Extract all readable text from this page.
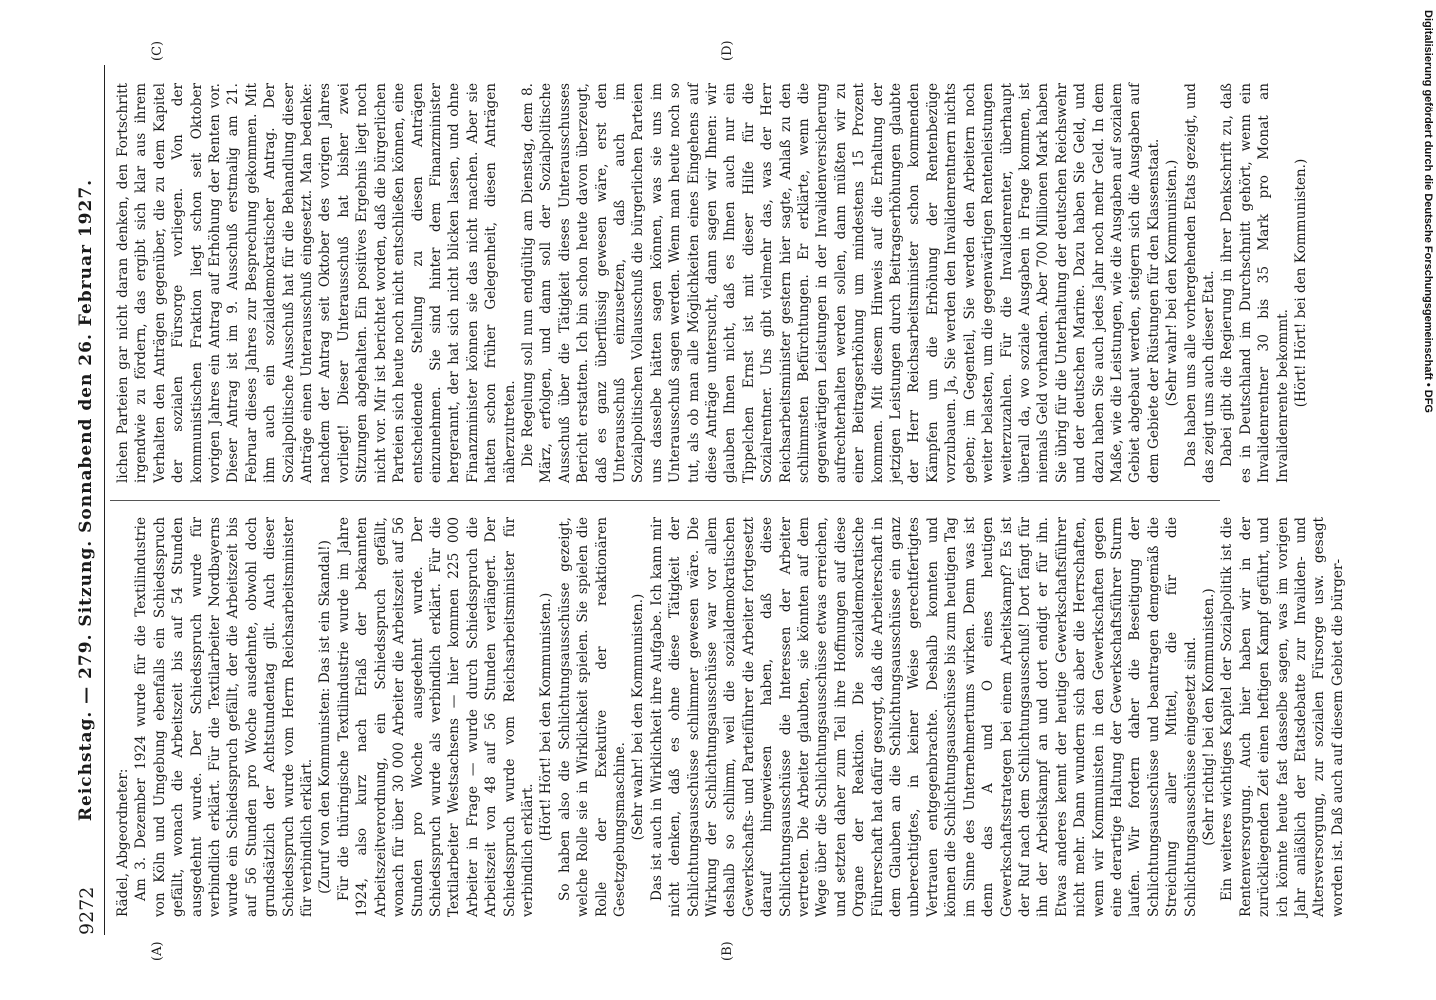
9272
Reichstag. — 279. Sitzung. Sonnabend den 26. Februar 1927.
(A)	(B)
(C)	(D)

Rädel, Abgeordneter: Am 3. Dezember 1924 wurde für die Textilindustrie von Köln und Umgebung ebenfalls ein Schiedsspruch gefällt, wonach die Arbeitszeit bis auf 54 Stunden ausgedehnt wurde. Der Schiedsspruch wurde für verbindlich erklärt. Für die Textilarbeiter Nordbayerns wurde ein Schiedsspruch gefällt, der die Arbeitszeit bis auf 56 Stunden pro Woche ausdehnte, obwohl doch grundsätzlich der Achtstundentag gilt. Auch dieser Schiedsspruch wurde vom Herrn Reichsarbeitsminister für verbindlich erklärt. (Zuruf von den Kommunisten: Das ist ein Skandal!) Für die thüringische Textilindustrie wurde im Jahre 1924, also kurz nach Erlaß der bekannten Arbeitszeitverordnung, ein Schiedsspruch gefällt, wonach für über 30 000 Arbeiter die Arbeitszeit auf 56 Stunden pro Woche ausgedehnt wurde. Der Schiedsspruch wurde als verbindlich erklärt. Für die Textilarbeiter Westsachsens — hier kommen 225 000 Arbeiter in Frage — wurde durch Schiedsspruch die Arbeitszeit von 48 auf 56 Stunden verlängert. Der Schiedsspruch wurde vom Reichsarbeitsminister für verbindlich erklärt.

(Hört! Hört! bei den Kommunisten.) So haben also die Schlichtungsausschüsse gezeigt, welche Rolle sie in Wirklichkeit spielen. Sie spielen die Rolle der Exekutive der reaktionären Gesetzgebungsmaschine. (Sehr wahr! bei den Kommunisten.) Das ist auch in Wirklichkeit ihre Aufgabe. Ich kann mir nicht denken, daß es ohne diese Tätigkeit der Schlichtungsausschüsse schlimmer gewesen wäre. Die Wirkung der Schlichtungsausschüsse war vor allem deshalb so schlimm, weil die sozialdemokratischen Gewerkschafts- und Parteiführer die Arbeiter fortgesetzt darauf hingewiesen haben, daß diese Schlichtungsausschüsse die Interessen der Arbeiter vertreten. Die Arbeiter glaubten, sie könnten auf dem Wege über die Schlichtungsausschüsse etwas erreichen, und setzten daher zum Teil ihre Hoffnungen auf diese Organe der Reaktion. Die sozialdemokratische Führerschaft hat dafür gesorgt, daß die Arbeiterschaft in dem Glauben an die Schlichtungsausschüsse ein ganz unberechtigtes, in keiner Weise gerechtfertigtes Vertrauen entgegenbrachte. Deshalb konnten und können die Schlichtungsausschüsse bis zum heutigen Tag im Sinne des Unternehmertums wirken. Denn was ist denn das A und O eines heutigen Gewerkschaftsstrategen bei einem Arbeitskampf? Es ist der Ruf nach dem Schlichtungsausschuß! Dort fängt für ihn der Arbeitskampf an und dort endigt er für ihn. Etwas anderes kennt der heutige Gewerkschaftsführer nicht mehr. Dann wundern sich aber die Herrschaften, wenn wir Kommunisten in den Gewerkschaften gegen eine derartige Haltung der Gewerkschaftsführer Sturm laufen. Wir fordern daher die Beseitigung der Schlichtungsausschüsse und beantragen demgemäß die Streichung aller Mittel, die für die Schlichtungsausschüsse eingesetzt sind. (Sehr richtig! bei den Kommunisten.) Ein weiteres wichtiges Kapitel der Sozialpolitik ist die Rentenversorgung. Auch hier haben wir in der zurückliegenden Zeit einen heftigen Kampf geführt, und ich könnte heute fast dasselbe sagen, was im vorigen Jahr anläßlich der Etatsdebatte zur Invaliden- und Altersversorgung, zur sozialen Fürsorge usw. gesagt worden ist. Daß auch auf diesem Gebiet die bürger-

lichen Parteien gar nicht daran denken, den Fortschritt irgendwie zu fördern, das ergibt sich klar aus ihrem Verhalten den Anträgen gegenüber, die zu dem Kapitel der sozialen Fürsorge vorliegen. Von der kommunistischen Fraktion liegt schon seit Oktober vorigen Jahres ein Antrag auf Erhöhung der Renten vor. Dieser Antrag ist im 9. Ausschuß erstmalig am 21. Februar dieses Jahres zur Besprechung gekommen. Mit ihm auch ein sozialdemokratischer Antrag. Der Sozialpolitische Ausschuß hat für die Behandlung dieser Anträge einen Unterausschuß eingesetzt. Man bedenke: nachdem der Antrag seit Oktober des vorigen Jahres vorliegt! Dieser Unterausschuß hat bisher zwei Sitzungen abgehalten. Ein positives Ergebnis liegt noch nicht vor. Mir ist berichtet worden, daß die bürgerlichen Parteien sich heute noch nicht entschließen können, eine entscheidende Stellung zu diesen Anträgen einzunehmen. Sie sind hinter dem Finanzminister hergerannt, der hat sich nicht blicken lassen, und ohne Finanzminister können sie das nicht machen. Aber sie hatten schon früher Gelegenheit, diesen Anträgen näherzutreten. Die Regelung soll nun endgültig am Dienstag, dem 8. März, erfolgen, und dann soll der Sozialpolitische Ausschuß über die Tätigkeit dieses Unterausschusses Bericht erstatten. Ich bin schon heute davon überzeugt, daß es ganz überflüssig gewesen wäre, erst den Unterausschuß einzusetzen, daß auch im Sozialpolitischen Vollausschuß die bürgerlichen Parteien uns dasselbe hätten sagen können, was sie uns im Unterausschuß sagen werden. Wenn man heute noch so tut, als ob man alle Möglichkeiten eines Eingehens auf diese Anträge untersucht, dann sagen wir Ihnen: wir glauben Ihnen nicht, daß es Ihnen auch nur ein Tippelchen Ernst ist mit dieser Hilfe für die Sozialrentner. Uns gibt vielmehr das, was der Herr Reichsarbeitsminister gestern hier sagte, Anlaß zu den schlimmsten Befürchtungen. Er erklärte, wenn die gegenwärtigen Leistungen in der Invalidenversicherung aufrechterhalten werden sollen, dann müßten wir zu einer Beitragserhöhung um mindestens 15 Prozent kommen. Mit diesem Hinweis auf die Erhaltung der jetzigen Leistungen durch Beitragserhöhungen glaubte der Herr Reichsarbeitsminister schon kommenden Kämpfen um die Erhöhung der Rentenbezüge vorzubauen. Ja, Sie werden den Invalidenrentnern nichts geben; im Gegenteil, Sie werden den Arbeitern noch weiter belasten, um die gegenwärtigen Rentenleistungen weiterzuzahlen. Für die Invalidenrenter, überhaupt überall da, wo soziale Ausgaben in Frage kommen, ist niemals Geld vorhanden. Aber 700 Millionen Mark haben Sie übrig für die Unterhaltung der deutschen Reichswehr und der deutschen Marine. Dazu haben Sie Geld, und dazu haben Sie auch jedes Jahr noch mehr Geld. In dem Maße, wie die Leistungen, wie die Ausgaben auf sozialem Gebiet abgebaut werden, steigern sich die Ausgaben auf dem Gebiete der Rüstungen für den Klassenstaat. (Sehr wahr! bei den Kommunisten.) Das haben uns alle vorhergehenden Etats gezeigt, und das zeigt uns auch dieser Etat. Dabei gibt die Regierung in ihrer Denkschrift zu, daß es in Deutschland im Durchschnitt gehört, wenn ein Invalidenrentner 30 bis 35 Mark pro Monat an Invalidenrente bekommt. (Hört! Hört! bei den Kommunisten.)	Digitalisierung gefördert durch die Deutsche Forschungsgemeinschaft • DFG
